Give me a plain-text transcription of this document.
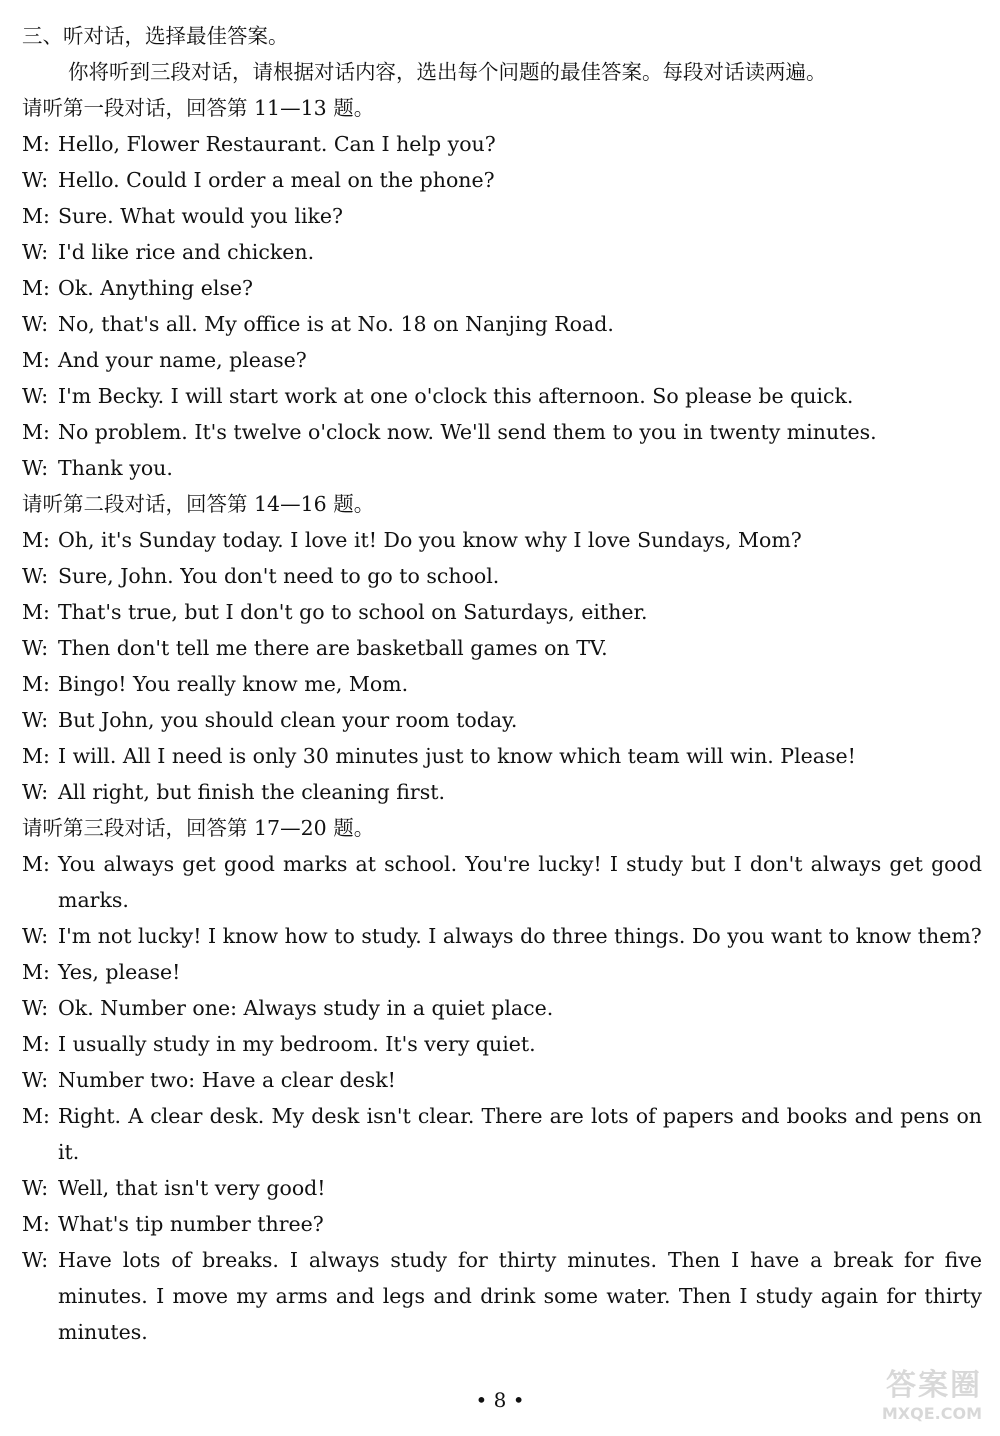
三、听对话，选择最佳答案。
你将听到三段对话，请根据对话内容，选出每个问题的最佳答案。每段对话读两遍。
请听第一段对话，回答第 11—13 题。
M: Hello, Flower Restaurant. Can I help you?
W: Hello. Could I order a meal on the phone?
M: Sure. What would you like?
W: I'd like rice and chicken.
M: Ok. Anything else?
W: No, that's all. My office is at No. 18 on Nanjing Road.
M: And your name, please?
W: I'm Becky. I will start work at one o'clock this afternoon. So please be quick.
M: No problem. It's twelve o'clock now. We'll send them to you in twenty minutes.
W: Thank you.
请听第二段对话，回答第 14—16 题。
M: Oh, it's Sunday today. I love it! Do you know why I love Sundays, Mom?
W: Sure, John. You don't need to go to school.
M: That's true, but I don't go to school on Saturdays, either.
W: Then don't tell me there are basketball games on TV.
M: Bingo! You really know me, Mom.
W: But John, you should clean your room today.
M: I will. All I need is only 30 minutes just to know which team will win. Please!
W: All right, but finish the cleaning first.
请听第三段对话，回答第 17—20 题。
M: You always get good marks at school. You're lucky! I study but I don't always get good marks.
W: I'm not lucky! I know how to study. I always do three things. Do you want to know them?
M: Yes, please!
W: Ok. Number one: Always study in a quiet place.
M: I usually study in my bedroom. It's very quiet.
W: Number two: Have a clear desk!
M: Right. A clear desk. My desk isn't clear. There are lots of papers and books and pens on it.
W: Well, that isn't very good!
M: What's tip number three?
W: Have lots of breaks. I always study for thirty minutes. Then I have a break for five minutes. I move my arms and legs and drink some water. Then I study again for thirty minutes.
• 8 •	答案圈
MXQE.COM
